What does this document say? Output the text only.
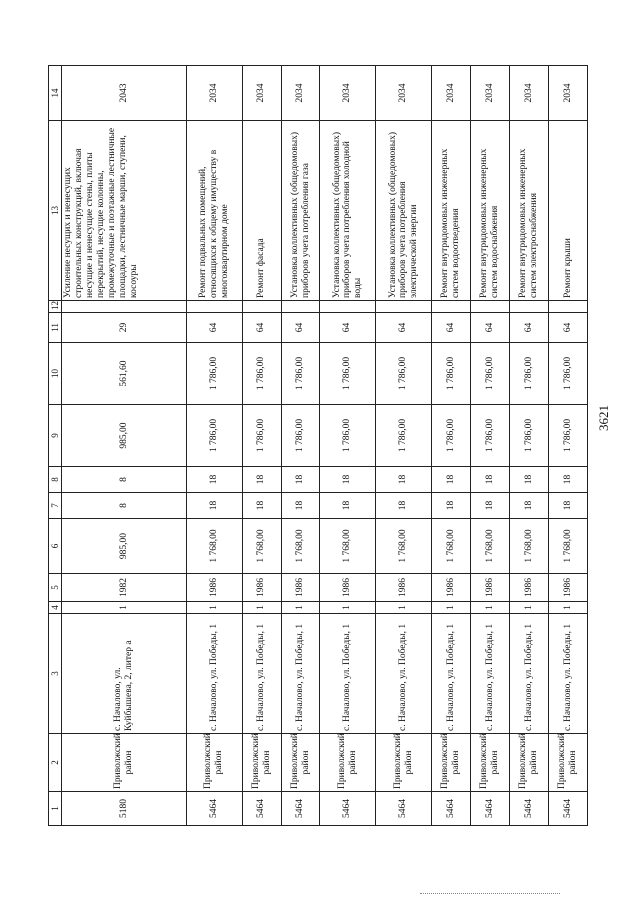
3621
1	2	3	4	5	6	7	8	9	10	11	12	13	14
5180	Приволжский район	с. Началово, ул. Куйбышева, 2, литер а	1	1982	985,00	8	8	985,00	561,60	29		Усиление несущих и ненесущих строительных конструкций, включая несущие и ненесущие стены, плиты перекрытий, несущие колонны, промежуточные и поэтажные лестничные площадки, лестничные марши, ступени, косоуры	2043
5464	Приволжский район	с. Началово, ул. Победы, 1	1	1986	1 768,00	18	18	1 786,00	1 786,00	64		Ремонт подвальных помещений, относящихся к общему имуществу в многоквартирном доме	2034
5464	Приволжский район	с. Началово, ул. Победы, 1	1	1986	1 768,00	18	18	1 786,00	1 786,00	64		Ремонт фасада	2034
5464	Приволжский район	с. Началово, ул. Победы, 1	1	1986	1 768,00	18	18	1 786,00	1 786,00	64		Установка коллективных (общедомовых) приборов учета потребления газа	2034
5464	Приволжский район	с. Началово, ул. Победы, 1	1	1986	1 768,00	18	18	1 786,00	1 786,00	64		Установка коллективных (общедомовых) приборов учета потребления холодной воды	2034
5464	Приволжский район	с. Началово, ул. Победы, 1	1	1986	1 768,00	18	18	1 786,00	1 786,00	64		Установка коллективных (общедомовых) приборов учета потребления электрической энергии	2034
5464	Приволжский район	с. Началово, ул. Победы, 1	1	1986	1 768,00	18	18	1 786,00	1 786,00	64		Ремонт внутридомовых инженерных систем водоотведения	2034
5464	Приволжский район	с. Началово, ул. Победы, 1	1	1986	1 768,00	18	18	1 786,00	1 786,00	64		Ремонт внутридомовых инженерных систем водоснабжения	2034
5464	Приволжский район	с. Началово, ул. Победы, 1	1	1986	1 768,00	18	18	1 786,00	1 786,00	64		Ремонт внутридомовых инженерных систем электроснабжения	2034
5464	Приволжский район	с. Началово, ул. Победы, 1	1	1986	1 768,00	18	18	1 786,00	1 786,00	64		Ремонт крыши	2034
